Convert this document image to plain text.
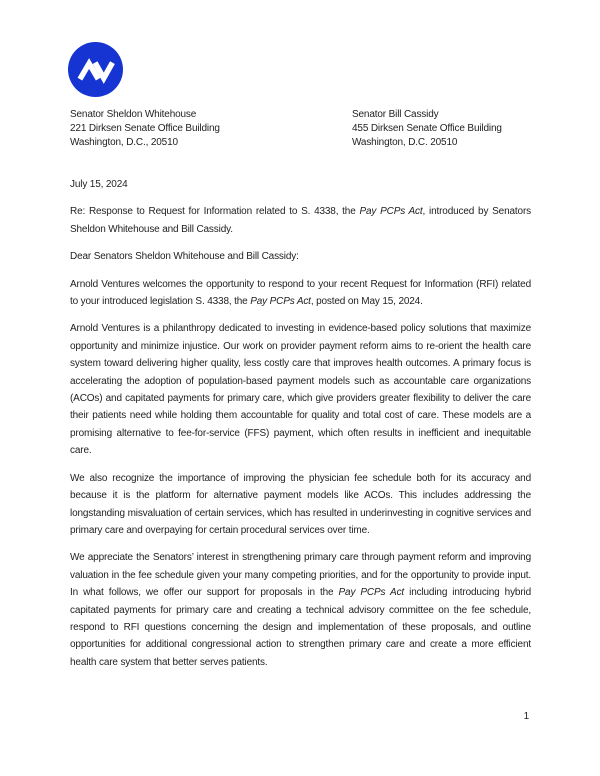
Senator Sheldon Whitehouse
221 Dirksen Senate Office Building
Washington, D.C., 20510
Senator Bill Cassidy
455 Dirksen Senate Office Building
Washington, D.C. 20510

July 15, 2024

Re: Response to Request for Information related to S. 4338, the Pay PCPs Act, introduced by Senators Sheldon Whitehouse and Bill Cassidy.

Dear Senators Sheldon Whitehouse and Bill Cassidy:

Arnold Ventures welcomes the opportunity to respond to your recent Request for Information (RFI) related to your introduced legislation S. 4338, the Pay PCPs Act, posted on May 15, 2024.

Arnold Ventures is a philanthropy dedicated to investing in evidence-based policy solutions that maximize opportunity and minimize injustice. Our work on provider payment reform aims to re-orient the health care system toward delivering higher quality, less costly care that improves health outcomes. A primary focus is accelerating the adoption of population-based payment models such as accountable care organizations (ACOs) and capitated payments for primary care, which give providers greater flexibility to deliver the care their patients need while holding them accountable for quality and total cost of care. These models are a promising alternative to fee-for-service (FFS) payment, which often results in inefficient and inequitable care.

We also recognize the importance of improving the physician fee schedule both for its accuracy and because it is the platform for alternative payment models like ACOs. This includes addressing the longstanding misvaluation of certain services, which has resulted in underinvesting in cognitive services and primary care and overpaying for certain procedural services over time.

We appreciate the Senators’ interest in strengthening primary care through payment reform and improving valuation in the fee schedule given your many competing priorities, and for the opportunity to provide input. In what follows, we offer our support for proposals in the Pay PCPs Act including introducing hybrid capitated payments for primary care and creating a technical advisory committee on the fee schedule, respond to RFI questions concerning the design and implementation of these proposals, and outline opportunities for additional congressional action to strengthen primary care and create a more efficient health care system that better serves patients.

1
